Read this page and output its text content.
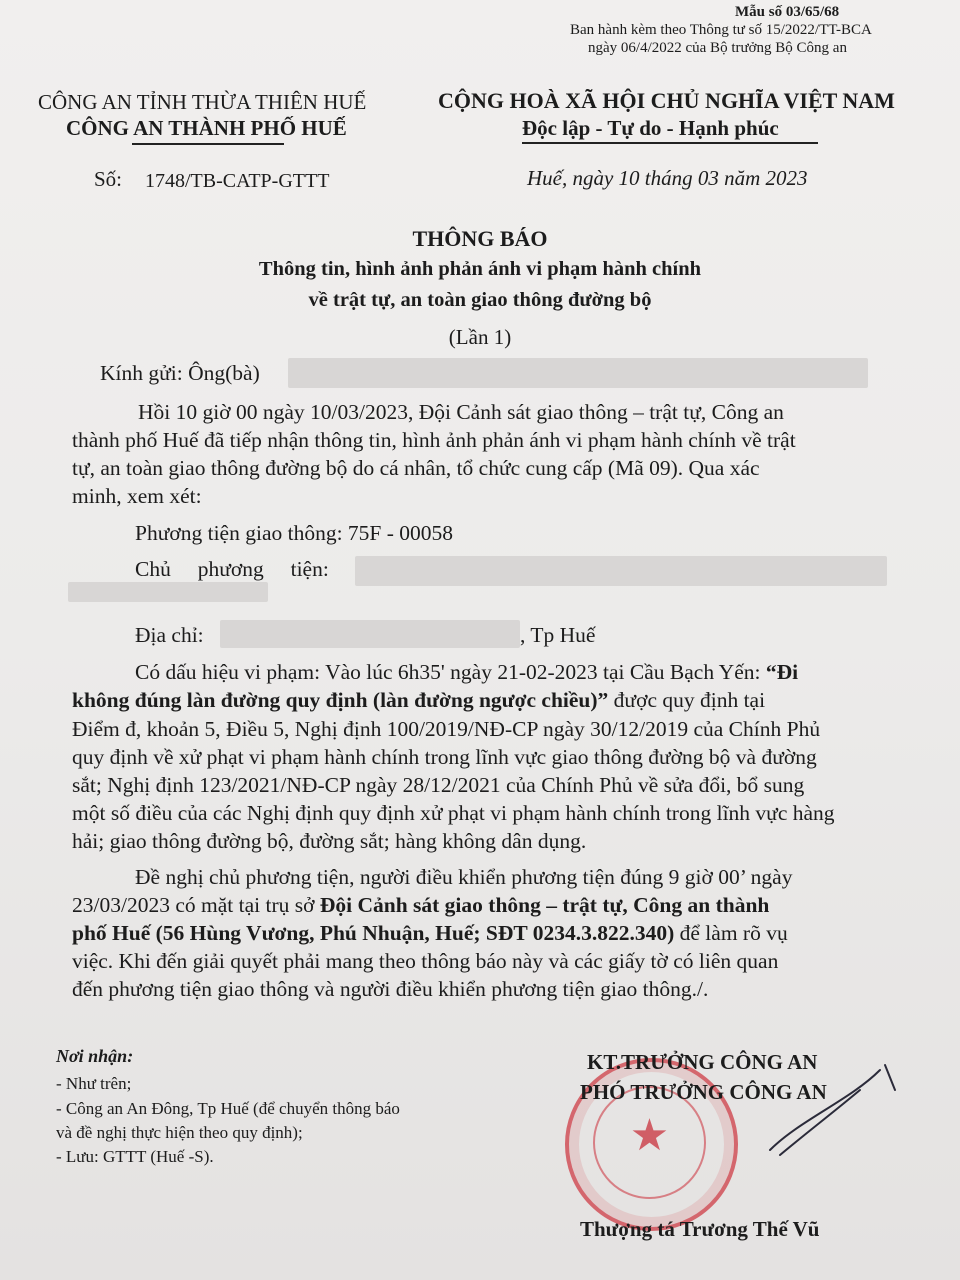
Mẫu số 03/65/68
Ban hành kèm theo Thông tư số 15/2022/TT-BCA
ngày 06/4/2022 của Bộ trưởng Bộ Công an
CÔNG AN TỈNH THỪA THIÊN HUẾ
CÔNG AN THÀNH PHỐ HUẾ
CỘNG HOÀ XÃ HỘI CHỦ NGHĨA VIỆT NAM
Độc lập - Tự do - Hạnh phúc
Số: 1748/TB-CATP-GTTT	Huế, ngày 10 tháng 03 năm 2023
THÔNG BÁO
Thông tin, hình ảnh phản ánh vi phạm hành chính
về trật tự, an toàn giao thông đường bộ
(Lần 1)
Kính gửi: Ông(bà)
Hồi 10 giờ 00 ngày 10/03/2023, Đội Cảnh sát giao thông – trật tự, Công an
thành phố Huế đã tiếp nhận thông tin, hình ảnh phản ánh vi phạm hành chính về trật
tự, an toàn giao thông đường bộ do cá nhân, tổ chức cung cấp (Mã 09). Qua xác
minh, xem xét:
Phương tiện giao thông: 75F - 00058
Chủ     phương     tiện:
Địa chỉ:	, Tp Huế
Có dấu hiệu vi phạm: Vào lúc 6h35' ngày 21-02-2023 tại Cầu Bạch Yến: “Đi
không đúng làn đường quy định (làn đường ngược chiều)” được quy định tại
Điểm đ, khoản 5, Điều 5, Nghị định 100/2019/NĐ-CP ngày 30/12/2019 của Chính Phủ
quy định về xử phạt vi phạm hành chính trong lĩnh vực giao thông đường bộ và đường
sắt; Nghị định 123/2021/NĐ-CP ngày 28/12/2021 của Chính Phủ về sửa đổi, bổ sung
một số điều của các Nghị định quy định xử phạt vi phạm hành chính trong lĩnh vực hàng
hải; giao thông đường bộ, đường sắt; hàng không dân dụng.
Đề nghị chủ phương tiện, người điều khiển phương tiện đúng 9 giờ 00’ ngày
23/03/2023 có mặt tại trụ sở Đội Cảnh sát giao thông – trật tự, Công an thành
phố Huế (56 Hùng Vương, Phú Nhuận, Huế; SĐT 0234.3.822.340) để làm rõ vụ
việc. Khi đến giải quyết phải mang theo thông báo này và các giấy tờ có liên quan
đến phương tiện giao thông và người điều khiển phương tiện giao thông./.
Nơi nhận:
- Như trên;
- Công an An Đông, Tp Huế (để chuyển thông báo
và đề nghị thực hiện theo quy định);
- Lưu: GTTT (Huế -S).	★
KT.TRƯỞNG CÔNG AN
PHÓ TRƯỞNG CÔNG AN
Thượng tá Trương Thế Vũ
